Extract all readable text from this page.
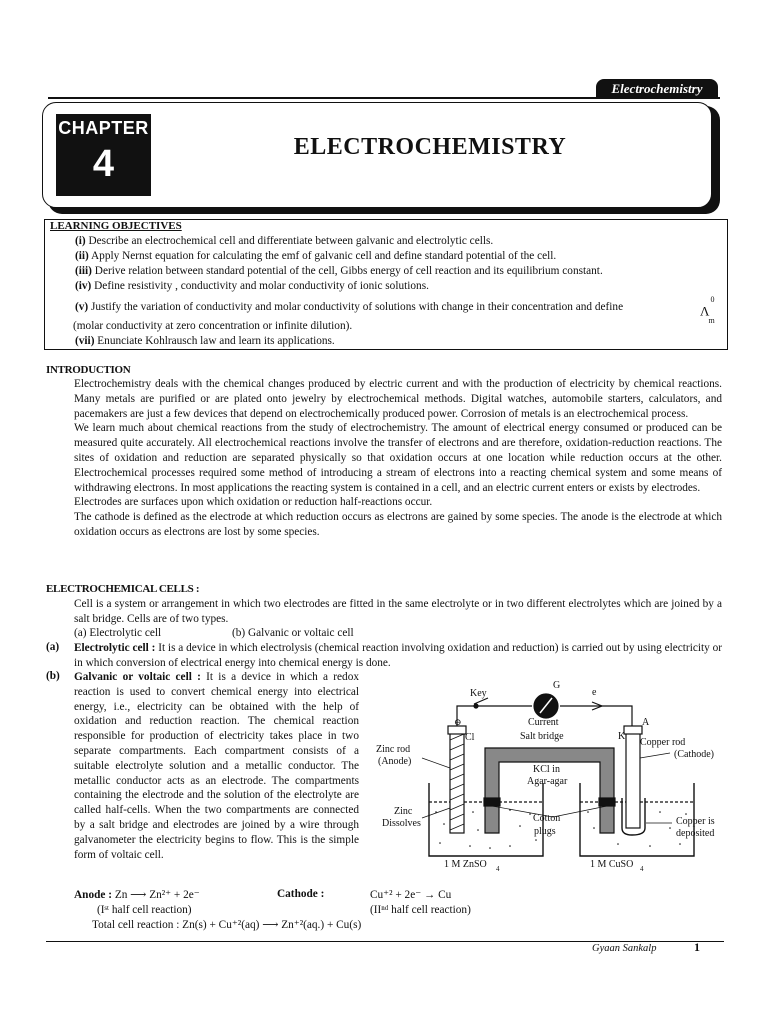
Electrochemistry
CHAPTER
4	ELECTROCHEMISTRY
LEARNING OBJECTIVES
(i) Describe an electrochemical cell and differentiate between galvanic and electrolytic cells.
(ii) Apply Nernst equation for calculating the emf of galvanic cell and define standard potential of the cell.
(iii) Derive relation between standard potential of the cell, Gibbs energy of cell reaction and its equilibrium constant.
(iv) Define resistivity , conductivity and molar conductivity of ionic solutions.
(v) Justify the variation of conductivity and molar conductivity of solutions with change in their concentration and define	$\Lambda^0_m$
(molar conductivity at zero concentration or infinite dilution).
(vii) Enunciate Kohlrausch law and learn its applications.
INTRODUCTION

Electrochemistry deals with the chemical changes produced by electric current and with the production of electricity by chemical reactions. Many metals are purified or are plated onto jewelry by electrochemical methods. Digital watches, automobile starters, calculators, and pacemakers are just a few devices that depend on electrochemically produced power. Corrosion of metals is an electrochemical process.

We learn much about chemical reactions from the study of electrochemistry. The amount of electrical energy consumed or produced can be measured quite accurately. All electrochemical reactions involve the transfer of electrons and are therefore, oxidation-reduction reactions. The sites of oxidation and reduction are separated physically so that oxidation occurs at one location while reduction occurs at the other. Electrochemical processes required some method of introducing a stream of electrons into a reacting chemical system and some means of withdrawing electrons. In most applications the reacting system is contained in a cell, and an electric current enters or exists by electrodes.

Electrodes are surfaces upon which oxidation or reduction half-reactions occur.

The cathode is defined as the electrode at which reduction occurs as electrons are gained by some species. The anode is the electrode at which oxidation occurs as electrons are lost by some species.

ELECTROCHEMICAL CELLS :
Cell is a system or arrangement in which two electrodes are fitted in the same electrolyte or in two different electrolytes which are joined by a salt bridge. Cells are of two types.
(a) Electrolytic cell	(b) Galvanic or voltaic cell
(a) Electrolytic cell : It is a device in which electrolysis (chemical reaction involving oxidation and reduction) is carried out by using electricity or in which conversion of electrical energy into chemical energy is done.
(b) Galvanic or voltaic cell : It is a device in which a redox reaction is used to convert chemical energy into electrical energy, i.e., electricity can be obtained with the help of oxidation and reduction reaction. The chemical reaction responsible for production of electricity takes place in two separate compartments. Each compartment consists of a suitable electrolyte solution and a metallic conductor. The metallic conductor acts as an electrode. The compartments containing the electrode and the solution of the electrolyte are called half-cells. When the two compartments are connected by a salt bridge and electrodes are joined by a wire through galvanometer the electricity begins to flow. This is the simple form of voltaic cell.
Key
G
e
⊖	A
Current
Salt bridge
Cl	K
Zinc rod
(Anode)
Copper rod
(Cathode)
KCl in
Agar-agar
Zinc
Dissolves	Cotton
plugs
Copper is
deposited
1 M ZnSO 4	1 M CuSO 4
Anode : Zn ⟶ Zn²⁺ + 2e⁻	Cathode :	Cu⁺² + 2e⁻ → Cu
(Iˢᵗ half cell reaction)	(IIⁿᵈ half cell reaction)
Total cell reaction : Zn(s) + Cu⁺²(aq) ⟶ Zn⁺²(aq.) + Cu(s)
Gyaan Sankalp	1
